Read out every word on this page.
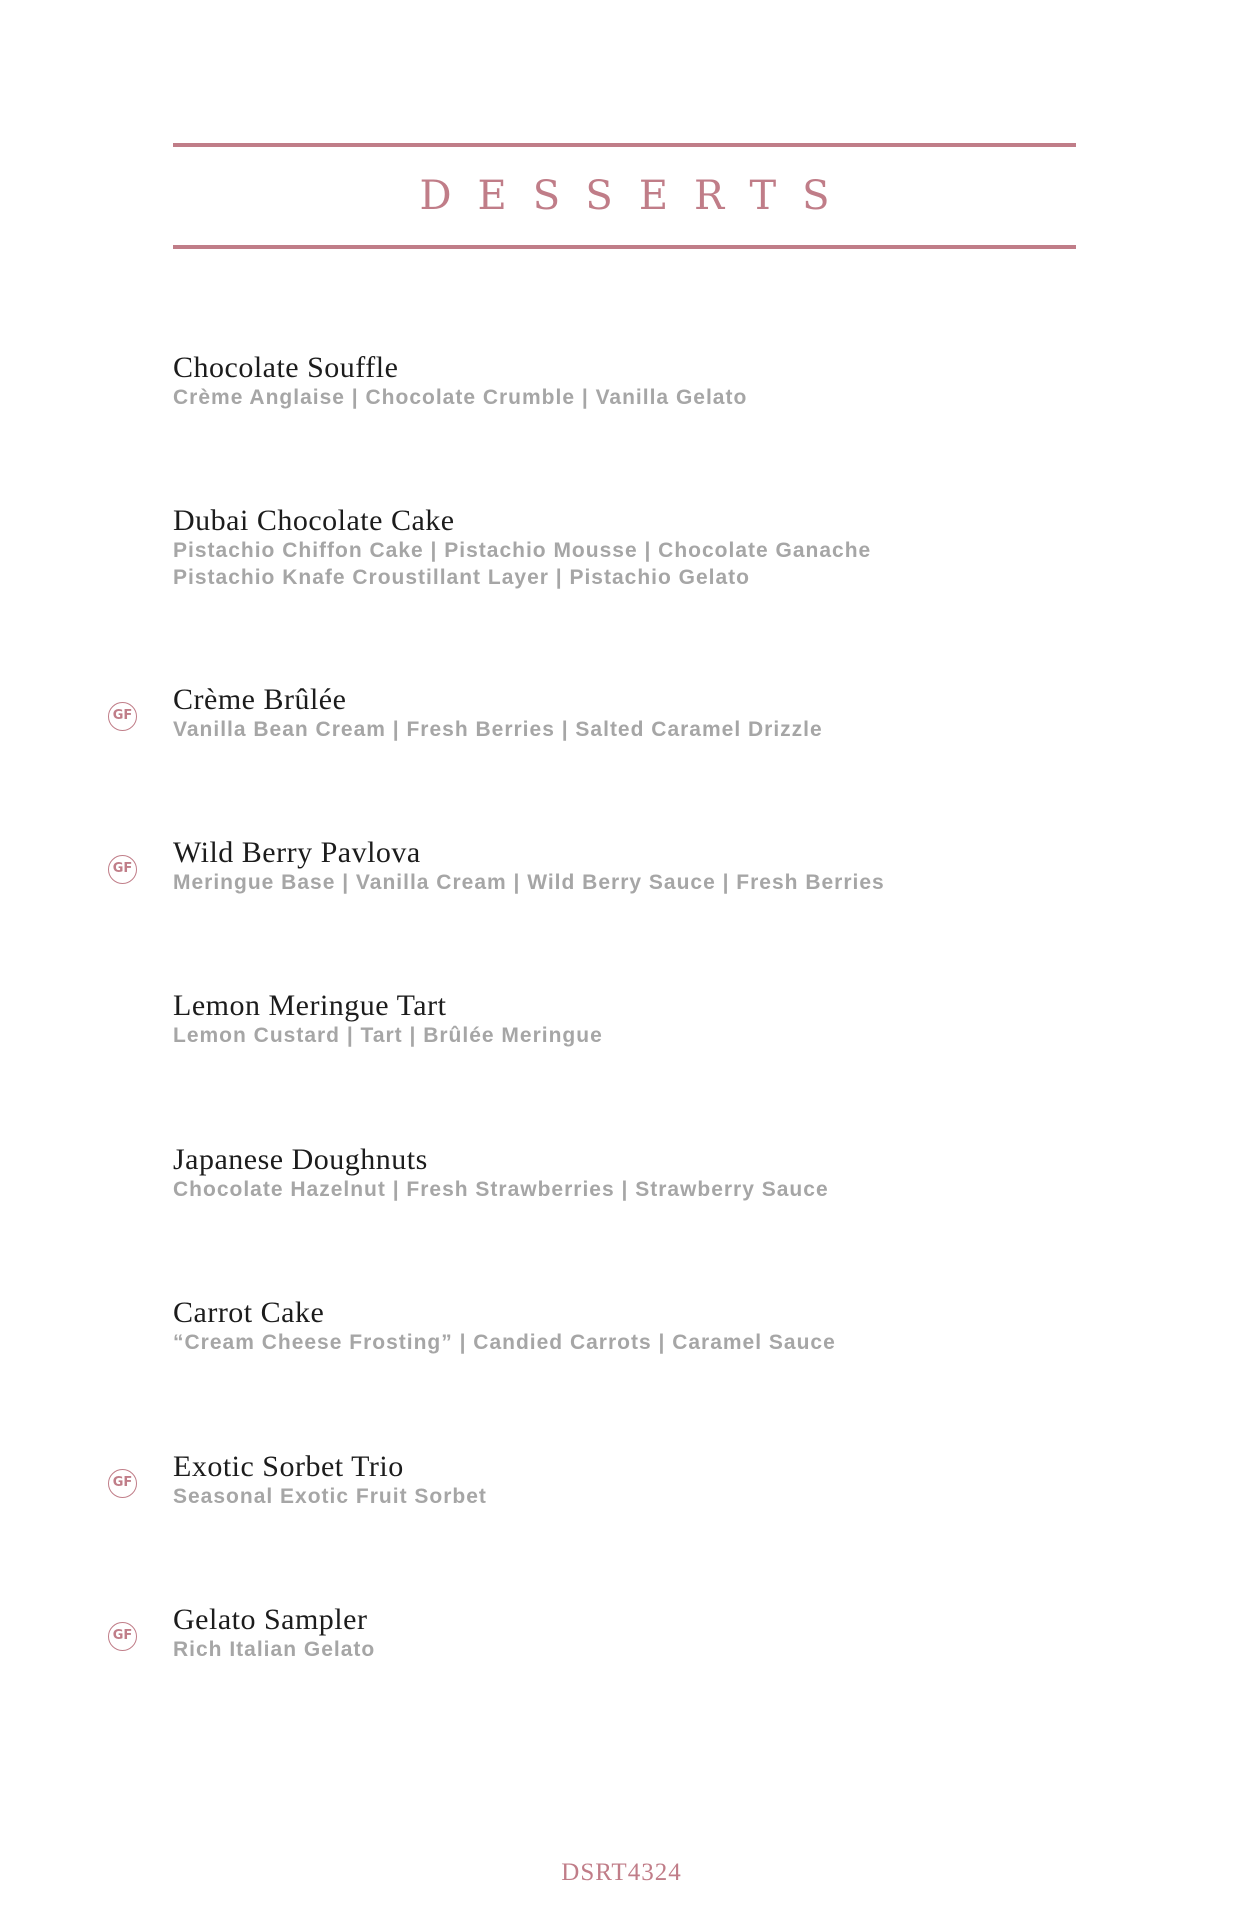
DESSERTS
Chocolate Souffle
Crème Anglaise | Chocolate Crumble | Vanilla Gelato
Dubai Chocolate Cake
Pistachio Chiffon Cake | Pistachio Mousse | Chocolate Ganache
Pistachio Knafe Croustillant Layer | Pistachio Gelato
GF Crème Brûlée
Vanilla Bean Cream | Fresh Berries | Salted Caramel Drizzle
GF Wild Berry Pavlova
Meringue Base | Vanilla Cream | Wild Berry Sauce | Fresh Berries
Lemon Meringue Tart
Lemon Custard | Tart | Brûlée Meringue
Japanese Doughnuts
Chocolate Hazelnut | Fresh Strawberries | Strawberry Sauce
Carrot Cake
“Cream Cheese Frosting” | Candied Carrots | Caramel Sauce
GF Exotic Sorbet Trio
Seasonal Exotic Fruit Sorbet
GF Gelato Sampler
Rich Italian Gelato
DSRT4324
